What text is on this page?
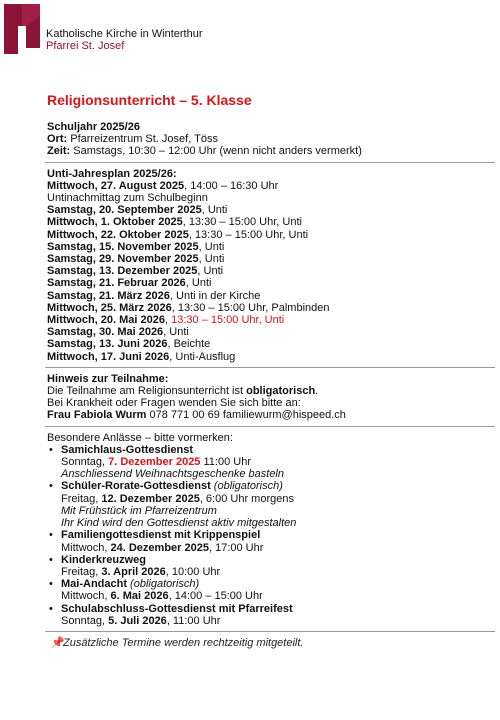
Katholische Kirche in Winterthur
Pfarrei St. Josef
Religionsunterricht – 5. Klasse
Schuljahr 2025/26
Ort: Pfarreizentrum St. Josef, Töss
Zeit: Samstags, 10:30 – 12:00 Uhr (wenn nicht anders vermerkt)
Unti-Jahresplan 2025/26:
Mittwoch, 27. August 2025, 14:00 – 16:30 Uhr
Untinachmittag zum Schulbeginn
Samstag, 20. September 2025, Unti
Mittwoch, 1. Oktober 2025, 13:30 – 15:00 Uhr, Unti
Mittwoch, 22. Oktober 2025, 13:30 – 15:00 Uhr, Unti
Samstag, 15. November 2025, Unti
Samstag, 29. November 2025, Unti
Samstag, 13. Dezember 2025, Unti
Samstag, 21. Februar 2026, Unti
Samstag, 21. März 2026, Unti in der Kirche
Mittwoch, 25. März 2026, 13:30 – 15:00 Uhr, Palmbinden
Mittwoch, 20. Mai 2026, 13:30 – 15:00 Uhr, Unti
Samstag, 30. Mai 2026, Unti
Samstag, 13. Juni 2026, Beichte
Mittwoch, 17. Juni 2026, Unti-Ausflug
Hinweis zur Teilnahme:
Die Teilnahme am Religionsunterricht ist obligatorisch.
Bei Krankheit oder Fragen wenden Sie sich bitte an:
Frau Fabiola Wurm 078 771 00 69 familiewurm@hispeed.ch
Besondere Anlässe – bitte vormerken:
• Samichlaus-Gottesdienst
Sonntag, 7. Dezember 2025 11:00 Uhr
Anschliessend Weihnachtsgeschenke basteln
• Schüler-Rorate-Gottesdienst (obligatorisch)
Freitag, 12. Dezember 2025, 6:00 Uhr morgens
Mit Frühstück im Pfarreizentrum
Ihr Kind wird den Gottesdienst aktiv mitgestalten
• Familiengottesdienst mit Krippenspiel
Mittwoch, 24. Dezember 2025, 17:00 Uhr
• Kinderkreuzweg
Freitag, 3. April 2026, 10:00 Uhr
• Mai-Andacht (obligatorisch)
Mittwoch, 6. Mai 2026, 14:00 – 15:00 Uhr
• Schulabschluss-Gottesdienst mit Pfarreifest
Sonntag, 5. Juli 2026, 11:00 Uhr
📌Zusätzliche Termine werden rechtzeitig mitgeteilt.
